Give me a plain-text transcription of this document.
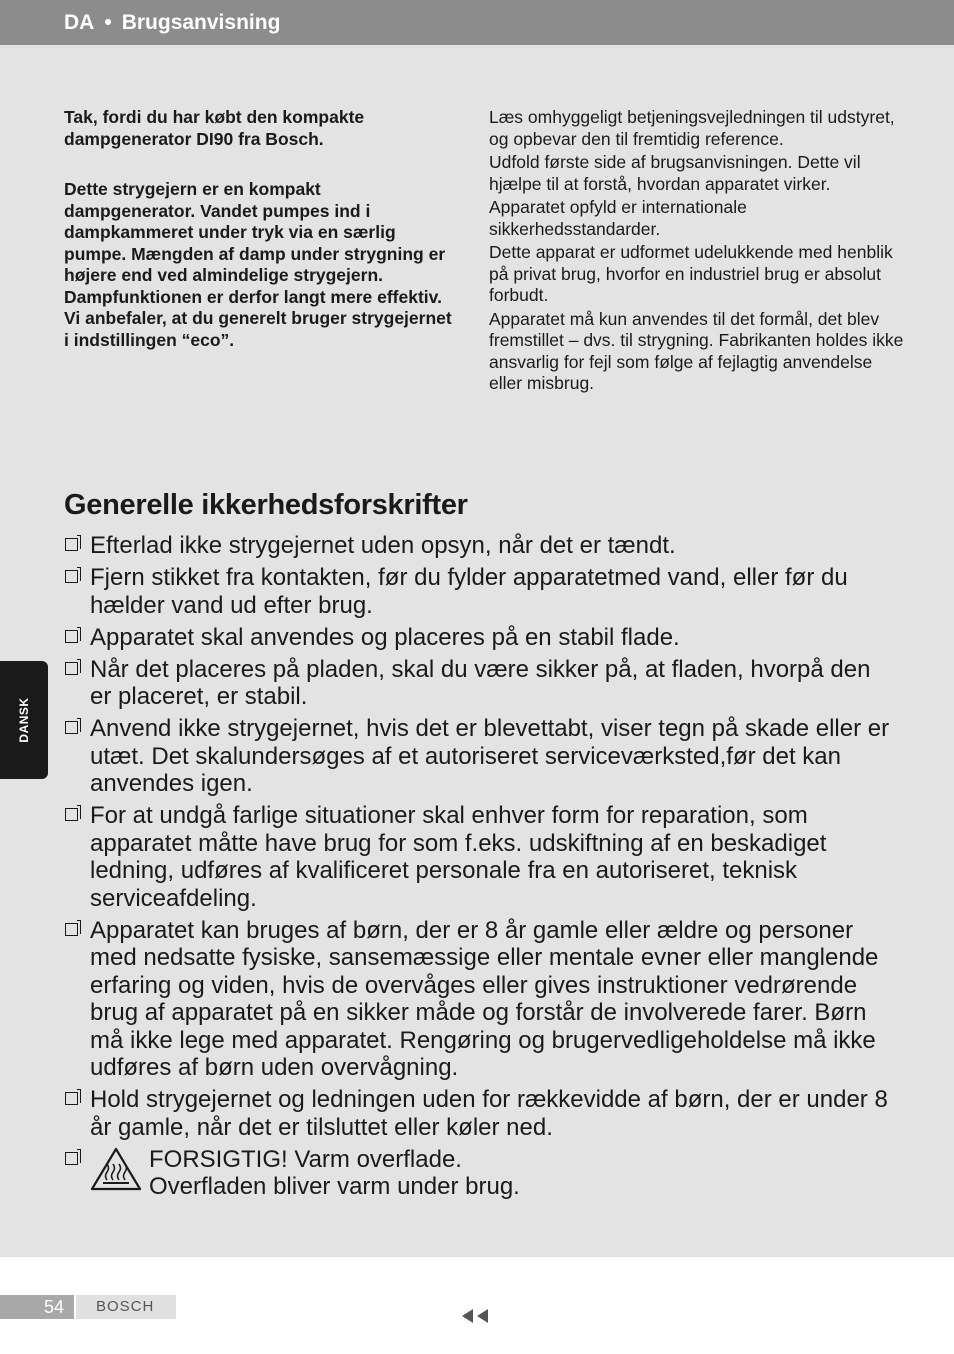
DA • Brugsanvisning

Tak, fordi du har købt den kompakte dampgenerator DI90 fra Bosch.

Dette strygejern er en kompakt dampgenerator. Vandet pumpes ind i dampkammeret under tryk via en særlig pumpe. Mængden af damp under strygning er højere end ved almindelige strygejern. Dampfunktionen er derfor langt mere effektiv. Vi anbefaler, at du generelt bruger strygejernet i indstillingen “eco”.

Læs omhyggeligt betjeningsvejledningen til udstyret, og opbevar den til fremtidig reference.

Udfold første side af brugsanvisningen. Dette vil hjælpe til at forstå, hvordan apparatet virker.

Apparatet opfyld er internationale sikkerhedsstandarder.

Dette apparat er udformet udelukkende med henblik på privat brug, hvorfor en industriel brug er absolut forbudt.

Apparatet må kun anvendes til det formål, det blev fremstillet – dvs. til strygning. Fabrikanten holdes ikke ansvarlig for fejl som følge af fejlagtig anvendelse eller misbrug.

Generelle ikkerhedsforskrifter
Efterlad ikke strygejernet uden opsyn, når det er tændt.
Fjern stikket fra kontakten, før du fylder apparatetmed vand, eller før du hælder vand ud efter brug.
Apparatet skal anvendes og placeres på en stabil flade.
Når det placeres på pladen, skal du være sikker på, at fladen, hvorpå den er placeret, er stabil.
Anvend ikke strygejernet, hvis det er blevettabt, viser tegn på skade eller er utæt. Det skalundersøges af et autoriseret serviceværksted,før det kan anvendes igen.
For at undgå farlige situationer skal enhver form for reparation, som apparatet måtte have brug for som f.eks. udskiftning af en beskadiget ledning, udføres af kvalificeret personale fra en autoriseret, teknisk serviceafdeling.
Apparatet kan bruges af børn, der er 8 år gamle eller ældre og personer med nedsatte fysiske, sansemæssige eller mentale evner eller manglende erfaring og viden, hvis de overvåges eller gives instruktioner vedrørende brug af apparatet på en sikker måde og forstår de involverede farer. Børn må ikke lege med apparatet. Rengøring og brugervedligeholdelse må ikke udføres af børn uden overvågning.
Hold strygejernet og ledningen uden for rækkevidde af børn, der er under 8 år gamle, når det er tilsluttet eller køler ned.
FORSIGTIG! Varm overflade.
Overfladen bliver varm under brug.
DANSK
54	BOSCH
